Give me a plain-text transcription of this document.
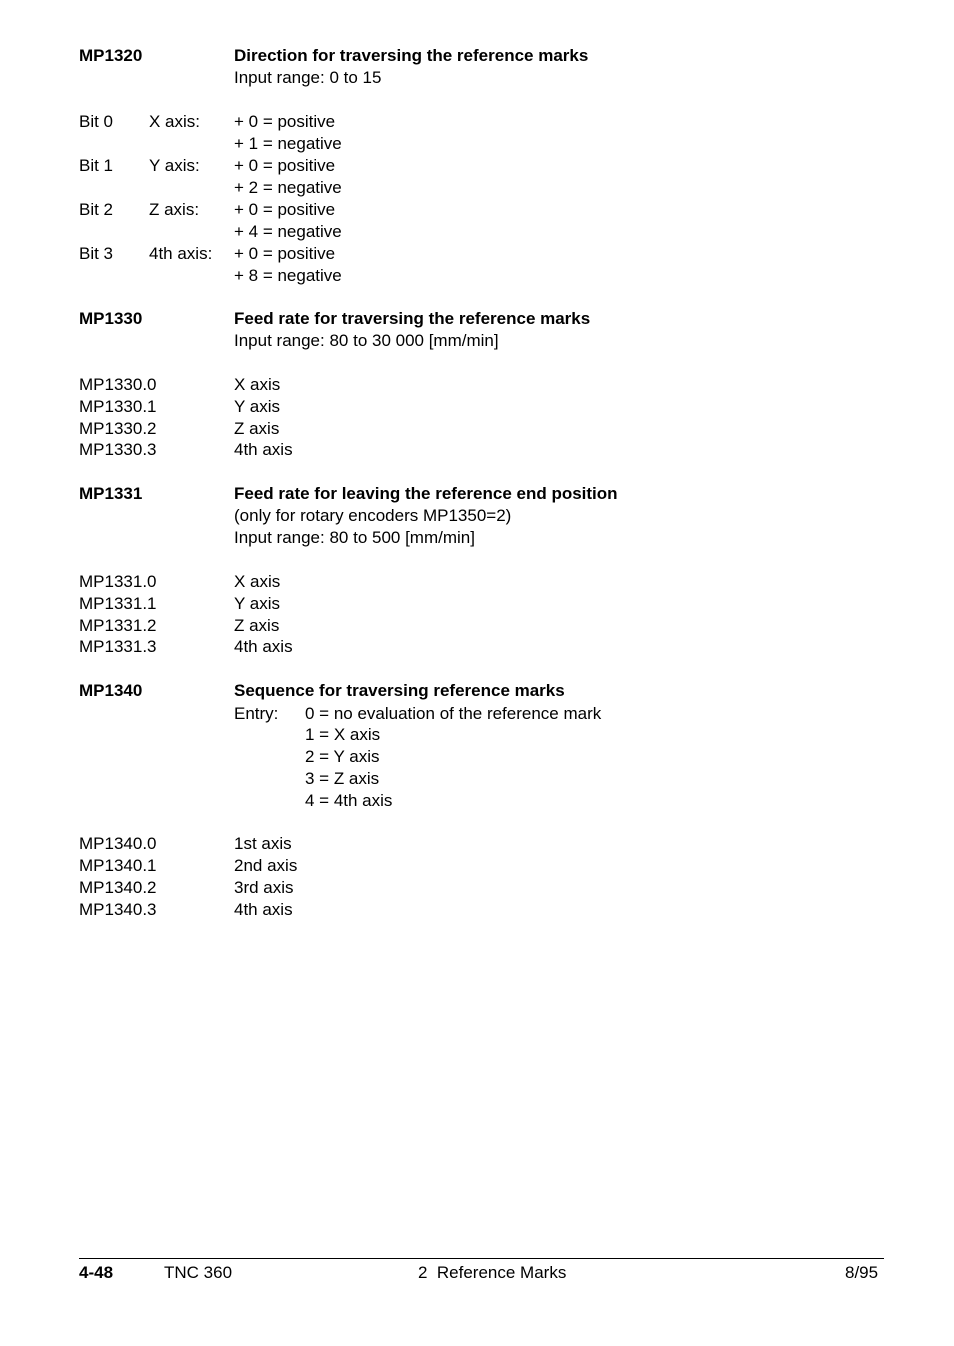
MP1320	Direction for traversing the reference marks
Input range: 0 to 15
Bit 0 X axis: + 0 = positive
+ 1 = negative
Bit 1 Y axis: + 0 = positive
+ 2 = negative
Bit 2 Z axis: + 0 = positive
+ 4 = negative
Bit 3 4th axis: + 0 = positive
+ 8 = negative
MP1330	Feed rate for traversing the reference marks
Input range: 80 to 30 000 [mm/min]
MP1330.0	X axis
MP1330.1	Y axis
MP1330.2	Z axis
MP1330.3	4th axis
MP1331	Feed rate for leaving the reference end position
(only for rotary encoders MP1350=2)
Input range: 80 to 500 [mm/min]
MP1331.0	X axis
MP1331.1	Y axis
MP1331.2	Z axis
MP1331.3	4th axis
MP1340	Sequence for traversing reference marks
Entry: 0 = no evaluation of the reference mark
1 = X axis
2 = Y axis
3 = Z axis
4 = 4th axis
MP1340.0	1st axis
MP1340.1	2nd axis
MP1340.2	3rd axis
MP1340.3	4th axis
4-48	TNC 360	2  Reference Marks	8/95
